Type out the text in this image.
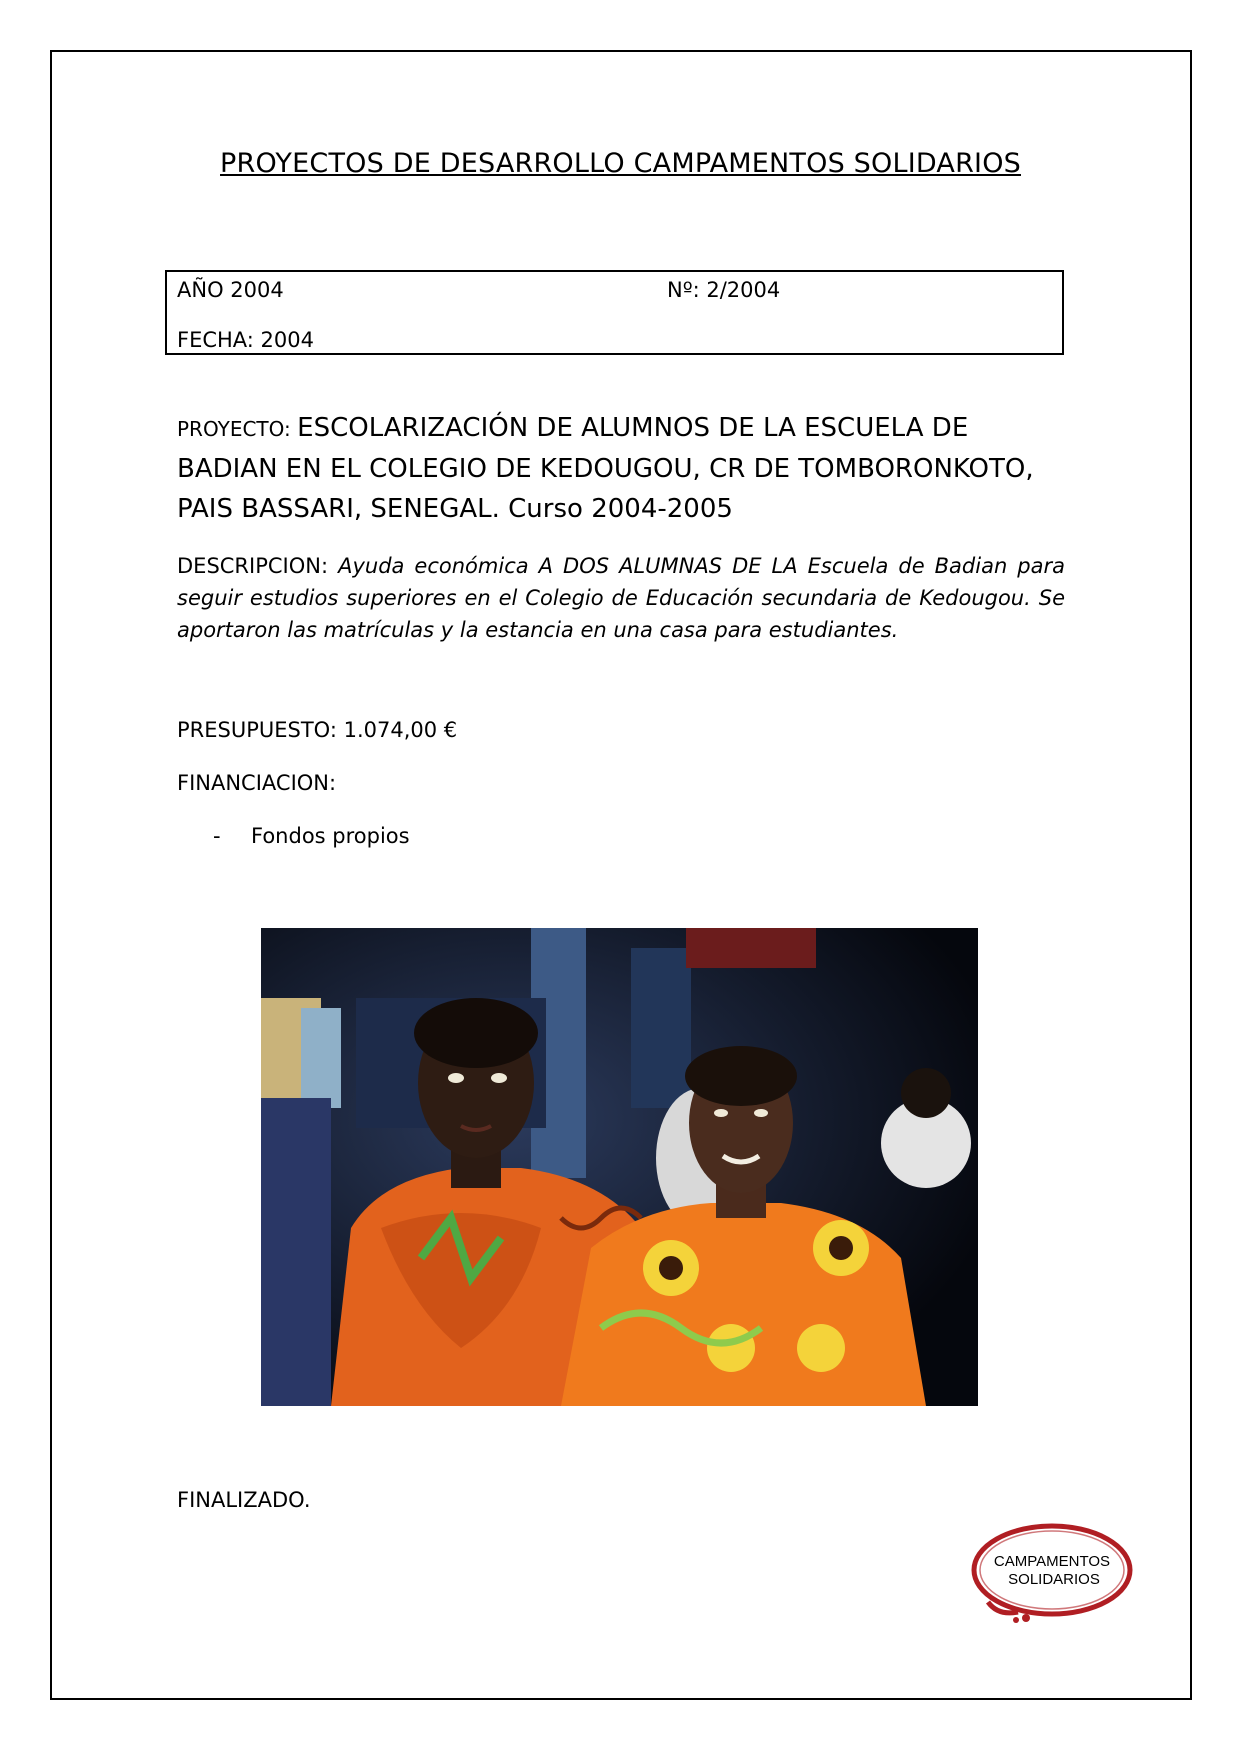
PROYECTOS DE DESARROLLO CAMPAMENTOS SOLIDARIOS
AÑO 2004	Nº: 2/2004
FECHA: 2004
PROYECTO: ESCOLARIZACIÓN DE ALUMNOS DE LA ESCUELA DE BADIAN EN EL COLEGIO DE KEDOUGOU, CR DE TOMBORONKOTO, PAIS BASSARI, SENEGAL. Curso 2004-2005
DESCRIPCION: Ayuda económica A DOS ALUMNAS DE LA Escuela de Badian para seguir estudios superiores en el Colegio de Educación secundaria de Kedougou. Se aportaron las matrículas y la estancia en una casa para estudiantes.
PRESUPUESTO: 1.074,00 €
FINANCIACION:
- Fondos propios
FINALIZADO.
CAMPAMENTOS
SOLIDARIOS
